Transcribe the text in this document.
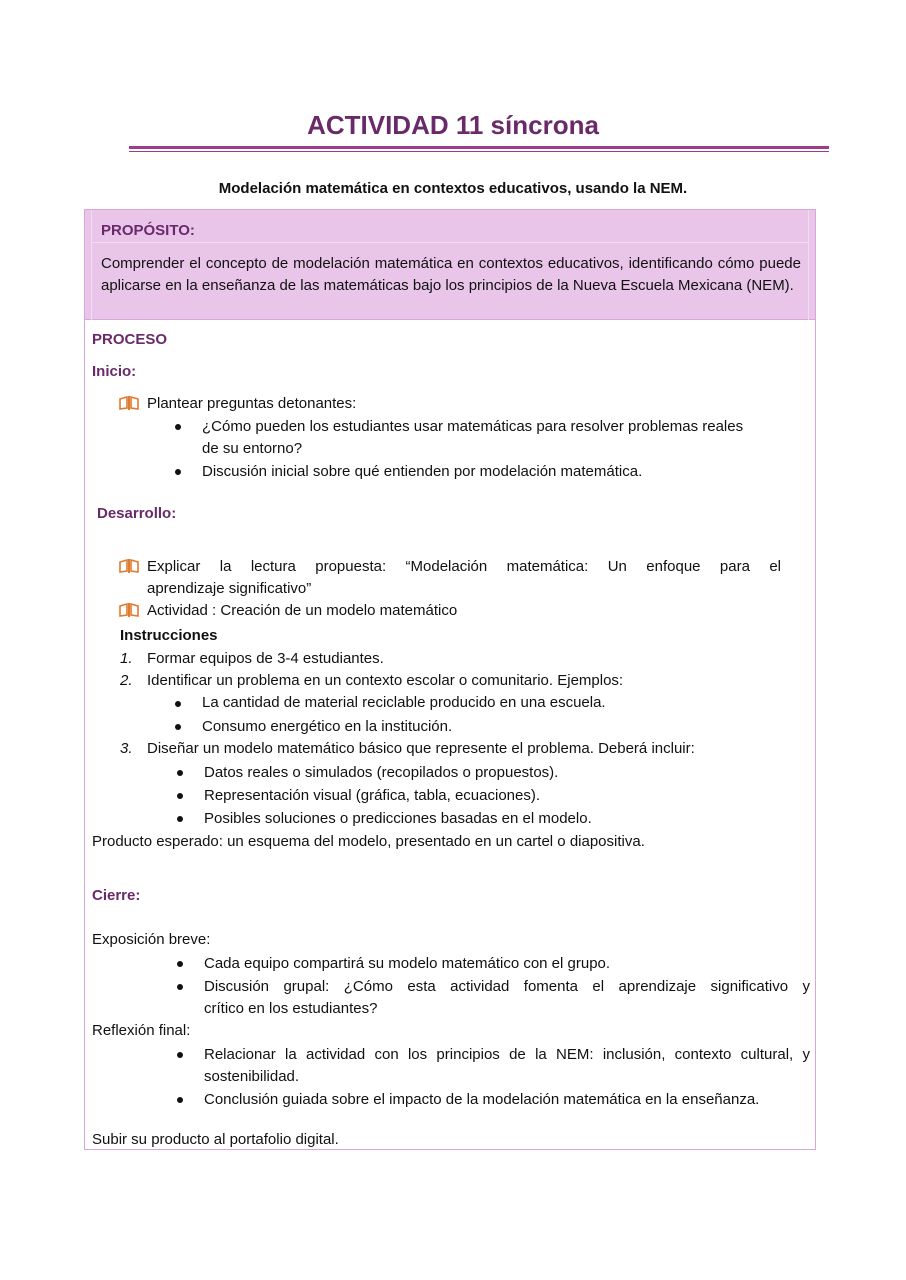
ACTIVIDAD 11 síncrona
Modelación matemática en contextos educativos, usando la NEM.
PROPÓSITO:
Comprender el concepto de modelación matemática en contextos educativos, identificando cómo puede aplicarse en la enseñanza de las matemáticas bajo los principios de la Nueva Escuela Mexicana (NEM).
PROCESO
Inicio:
Plantear preguntas detonantes:
¿Cómo pueden los estudiantes usar matemáticas para resolver problemas reales
de su entorno?
Discusión inicial sobre qué entienden por modelación matemática.
Desarrollo:
Explicar la lectura propuesta: “Modelación matemática: Un enfoque para el
aprendizaje significativo”
Actividad : Creación de un modelo matemático
Instrucciones
1. Formar equipos de 3-4 estudiantes.
2. Identificar un problema en un contexto escolar o comunitario. Ejemplos:
La cantidad de material reciclable producido en una escuela.
Consumo energético en la institución.
3. Diseñar un modelo matemático básico que represente el problema. Deberá incluir:
Datos reales o simulados (recopilados o propuestos).
Representación visual (gráfica, tabla, ecuaciones).
Posibles soluciones o predicciones basadas en el modelo.
Producto esperado: un esquema del modelo, presentado en un cartel o diapositiva.
Cierre:
Exposición breve:
Cada equipo compartirá su modelo matemático con el grupo.
Discusión grupal: ¿Cómo esta actividad fomenta el aprendizaje significativo y
crítico en los estudiantes?
Reflexión final:
Relacionar la actividad con los principios de la NEM: inclusión, contexto cultural, y
sostenibilidad.
Conclusión guiada sobre el impacto de la modelación matemática en la enseñanza.
Subir su producto al portafolio digital.
